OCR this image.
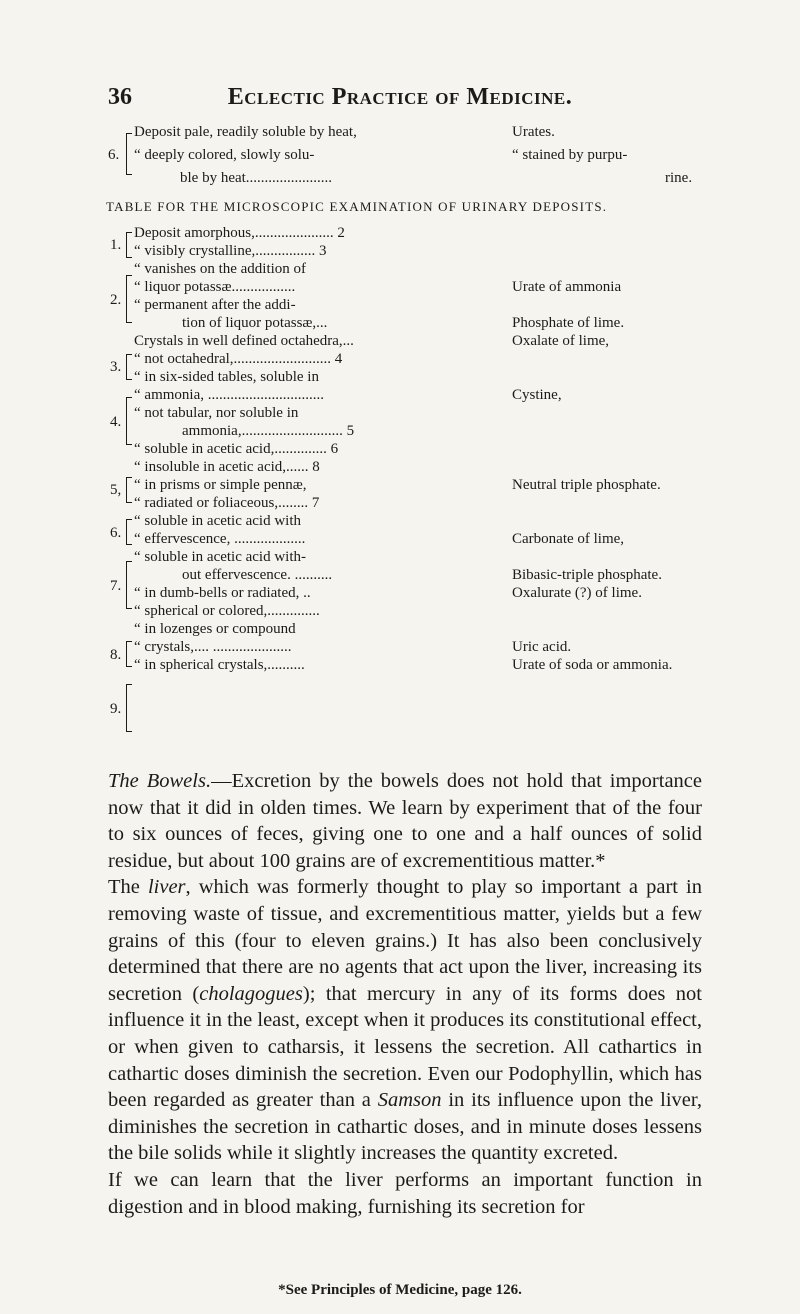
36	Eclectic Practice of Medicine.
6.
Deposit pale, readily soluble by heat,
“ deeply colored, slowly solu-
ble by heat.......................
Urates.
“ stained by purpu-
rine.
TABLE FOR THE MICROSCOPIC EXAMINATION OF URINARY DEPOSITS.
1.
2.
3.
4.
5,
6.
7.
8.
9.
Deposit amorphous,..................... 2
“ visibly crystalline,................ 3
“ vanishes on the addition of
“ liquor potassæ.................
“ permanent after the addi-
tion of liquor potassæ,...
Crystals in well defined octahedra,...
“ not octahedral,.......................... 4
“ in six-sided tables, soluble in
“ ammonia, ...............................
“ not tabular, nor soluble in
ammonia,........................... 5
“ soluble in acetic acid,.............. 6
“ insoluble in acetic acid,...... 8
“ in prisms or simple pennæ,
“ radiated or foliaceous,........ 7
“ soluble in acetic acid with
“ effervescence, ...................
“ soluble in acetic acid with-
out effervescence. ..........
“ in dumb-bells or radiated, ..
“ spherical or colored,..............
“ in lozenges or compound
“ crystals,.... .....................
“ in spherical crystals,..........
Urate of ammonia
Phosphate of lime.
Oxalate of lime,
Cystine,
Neutral triple phosphate.
Carbonate of lime,
Bibasic-triple phosphate.
Oxalurate (?) of lime.
Uric acid.
Urate of soda or ammonia.

The Bowels.—Excretion by the bowels does not hold that importance now that it did in olden times. We learn by experiment that of the four to six ounces of feces, giving one to one and a half ounces of solid residue, but about 100 grains are of excrementitious matter.*

The liver, which was formerly thought to play so important a part in removing waste of tissue, and excrementitious matter, yields but a few grains of this (four to eleven grains.) It has also been conclusively determined that there are no agents that act upon the liver, increasing its secretion (cholagogues); that mercury in any of its forms does not influence it in the least, except when it produces its constitutional effect, or when given to catharsis, it lessens the secretion. All cathartics in cathartic doses diminish the secretion. Even our Podophyllin, which has been regarded as greater than a Samson in its influence upon the liver, diminishes the secretion in cathartic doses, and in minute doses lessens the bile solids while it slightly increases the quantity excreted.

If we can learn that the liver performs an important function in digestion and in blood making, furnishing its secretion for

*See Principles of Medicine, page 126.
